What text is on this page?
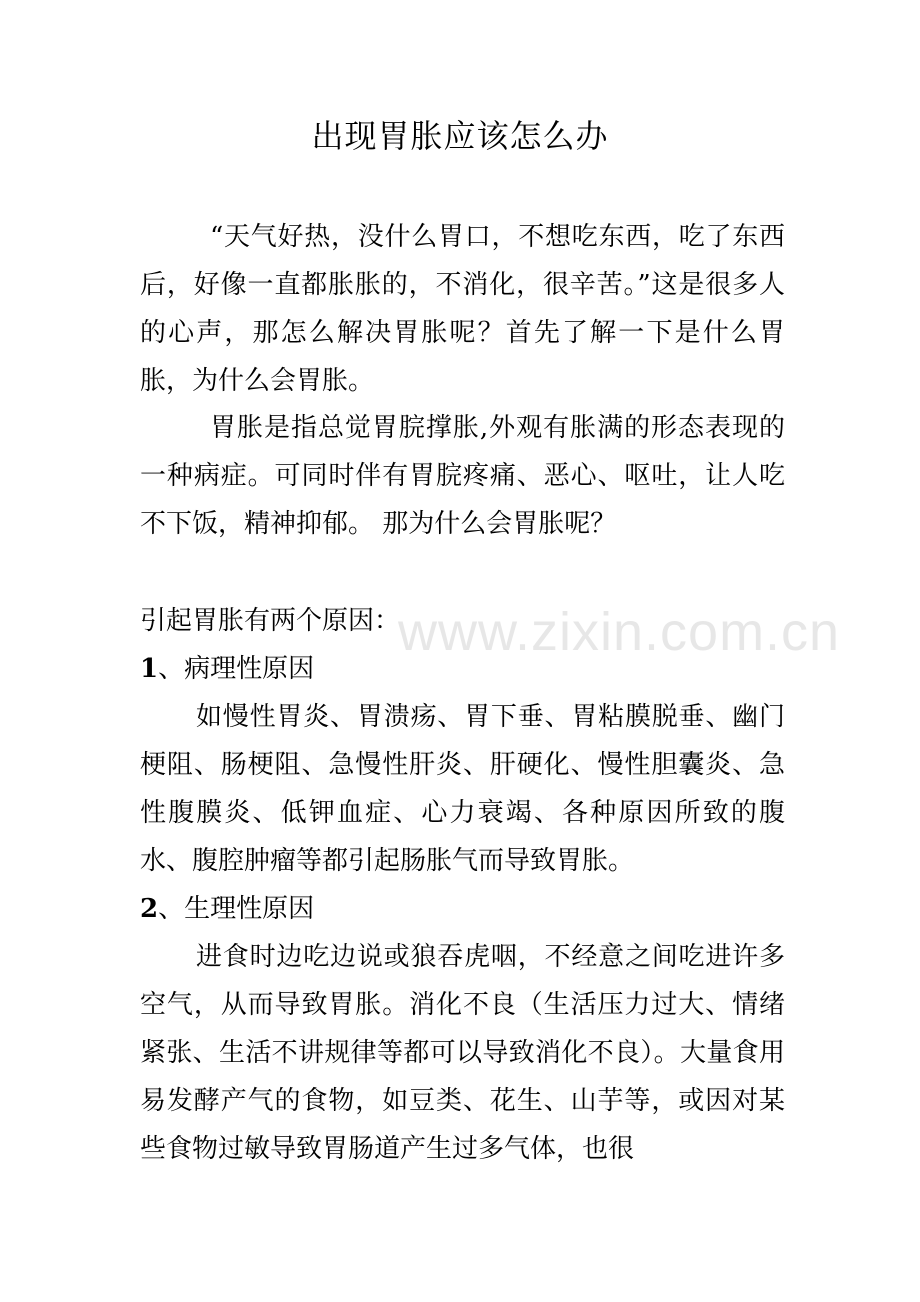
出现胃胀应该怎么办

“天气好热，没什么胃口，不想吃东西，吃了东西后，好像一直都胀胀的，不消化，很辛苦。”这是很多人的心声，那怎么解决胃胀呢？首先了解一下是什么胃胀，为什么会胃胀。

胃胀是指总觉胃脘撑胀,外观有胀满的形态表现的一种病症。可同时伴有胃脘疼痛、恶心、呕吐，让人吃不下饭，精神抑郁。 那为什么会胃胀呢？

引起胃胀有两个原因：

1、病理性原因

如慢性胃炎、胃溃疡、胃下垂、胃粘膜脱垂、幽门梗阻、肠梗阻、急慢性肝炎、肝硬化、慢性胆囊炎、急性腹膜炎、低钾血症、心力衰竭、各种原因所致的腹水、腹腔肿瘤等都引起肠胀气而导致胃胀。

2、生理性原因

进食时边吃边说或狼吞虎咽，不经意之间吃进许多空气，从而导致胃胀。消化不良（生活压力过大、情绪紧张、生活不讲规律等都可以导致消化不良）。大量食用易发酵产气的食物，如豆类、花生、山芋等，或因对某些食物过敏导致胃肠道产生过多气体，也很

www.zixin.com.cn
